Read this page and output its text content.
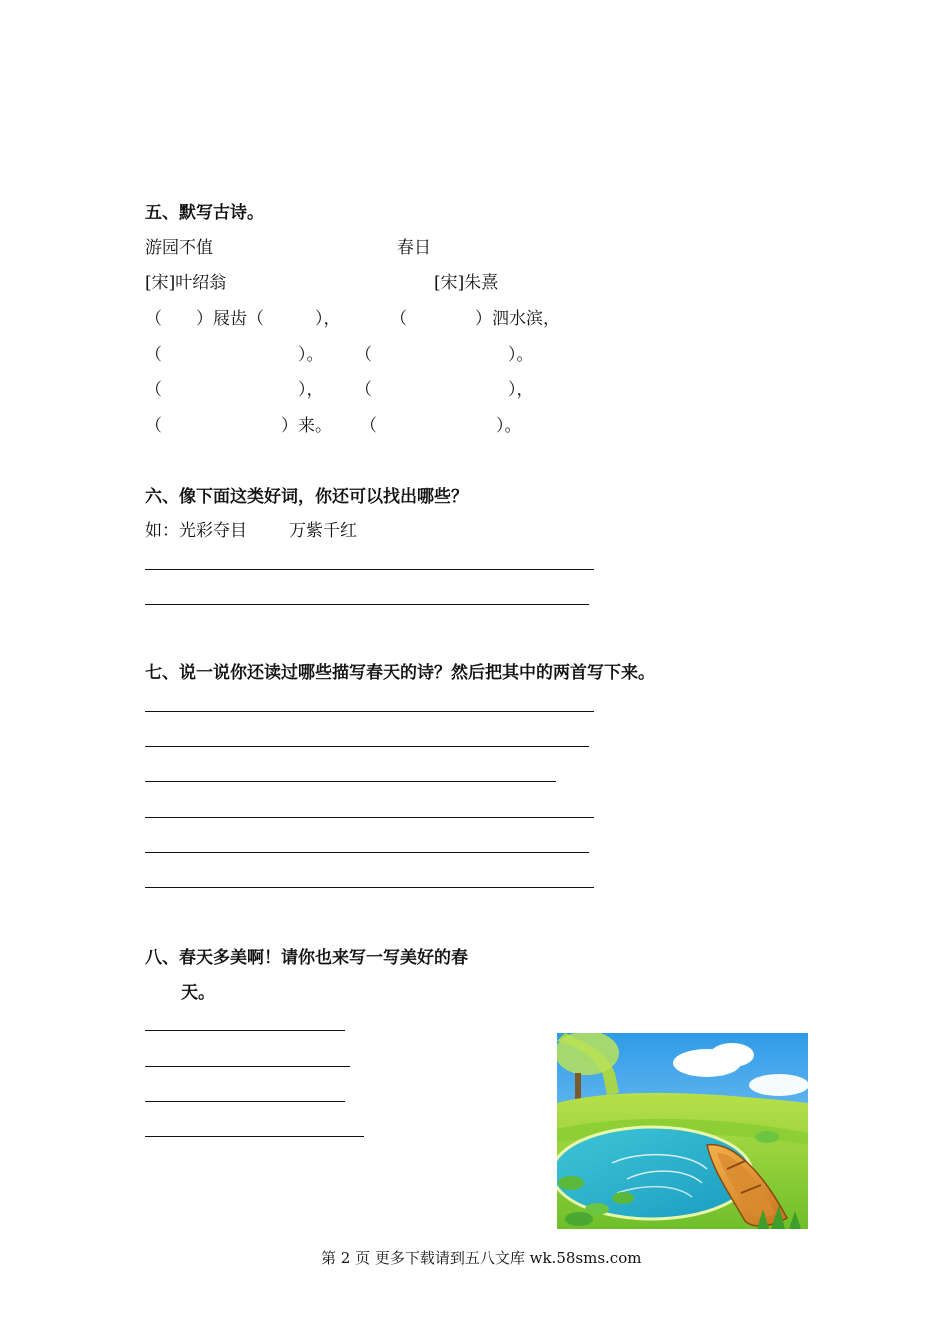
五、默写古诗。
游园不值	春日
[宋]叶绍翁	[宋]朱熹
（　　）屐齿（　　　），	（　　　　）泗水滨，
（　　　　　　　　）。 （　　　　　　　　）。
（　　　　　　　　）， （　　　　　　　　），
（　　　　　　　）来。 （　　　　　　　）。
六、像下面这类好词，你还可以找出哪些？
如：光彩夺目 万紫千红
七、说一说你还读过哪些描写春天的诗？然后把其中的两首写下来。
八、春天多美啊！请你也来写一写美好的春
天。
第 2 页 更多下载请到五八文库 wk.58sms.com
